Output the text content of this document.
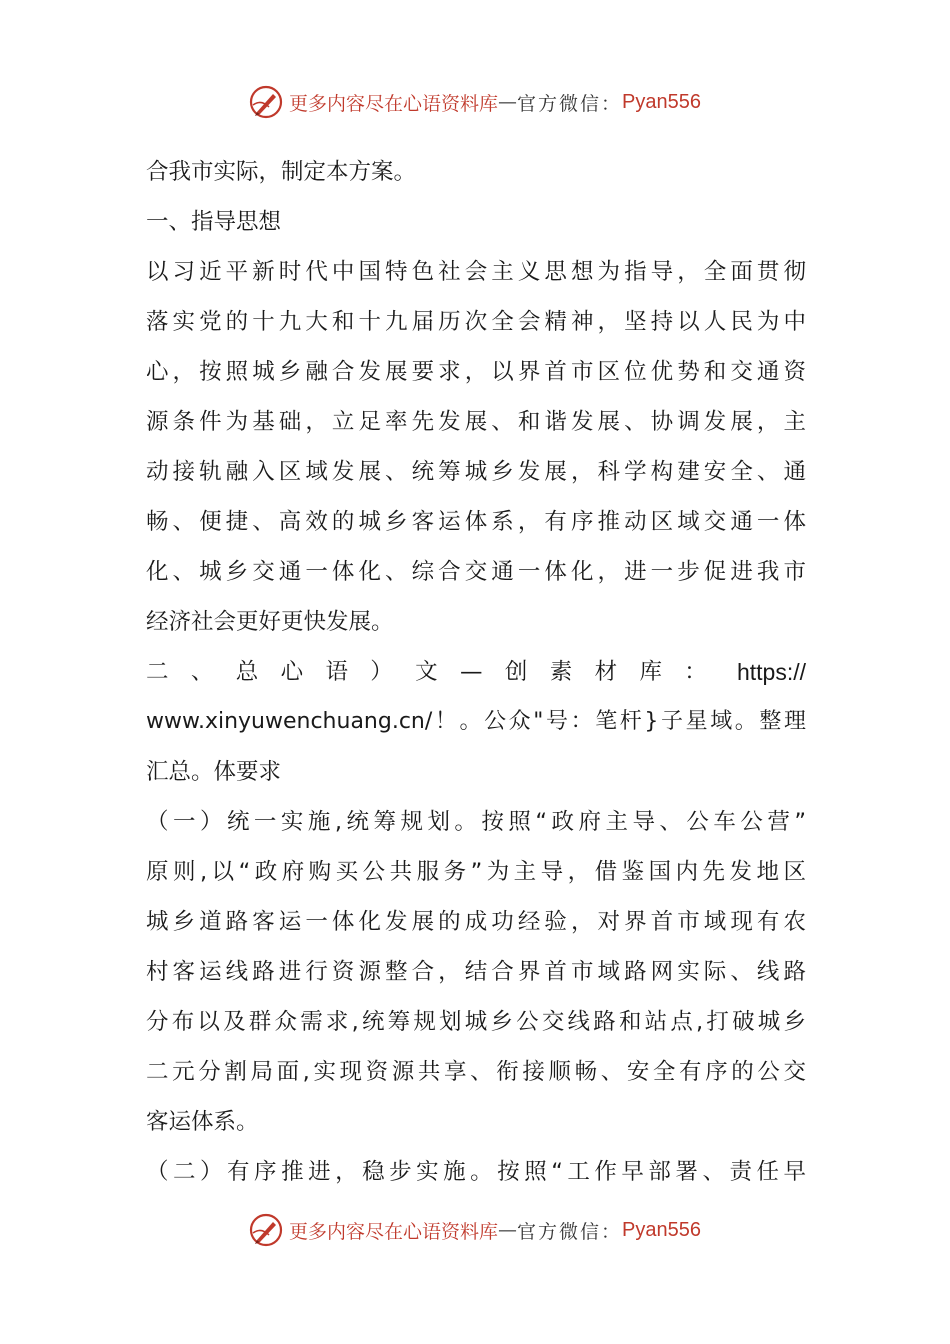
更多内容尽在心语资料库 — 官方微信： Pyan556
合我市实际，制定本方案。
一、指导思想
以习近平新时代中国特色社会主义思想为指导，全面贯彻
落实党的十九大和十九届历次全会精神，坚持以人民为中
心，按照城乡融合发展要求，以界首市区位优势和交通资
源条件为基础，立足率先发展、和谐发展、协调发展，主
动接轨融入区域发展、统筹城乡发展，科学构建安全、通
畅、便捷、高效的城乡客运体系，有序推动区域交通一体
化、城乡交通一体化、综合交通一体化，进一步促进我市
经济社会更好更快发展。
二 、 总 心 语 ） 文 — 创 素 材 库 ： https://
www.xinyuwenchuang.cn/！。公众"号：笔杆}子星域。整理
汇总。体要求
（一）统一实施,统筹规划。按照“政府主导、公车公营”
原则,以“政府购买公共服务”为主导，借鉴国内先发地区
城乡道路客运一体化发展的成功经验，对界首市域现有农
村客运线路进行资源整合，结合界首市域路网实际、线路
分布以及群众需求,统筹规划城乡公交线路和站点,打破城乡
二元分割局面,实现资源共享、衔接顺畅、安全有序的公交
客运体系。
（二）有序推进，稳步实施。按照“工作早部署、责任早
更多内容尽在心语资料库 — 官方微信： Pyan556
